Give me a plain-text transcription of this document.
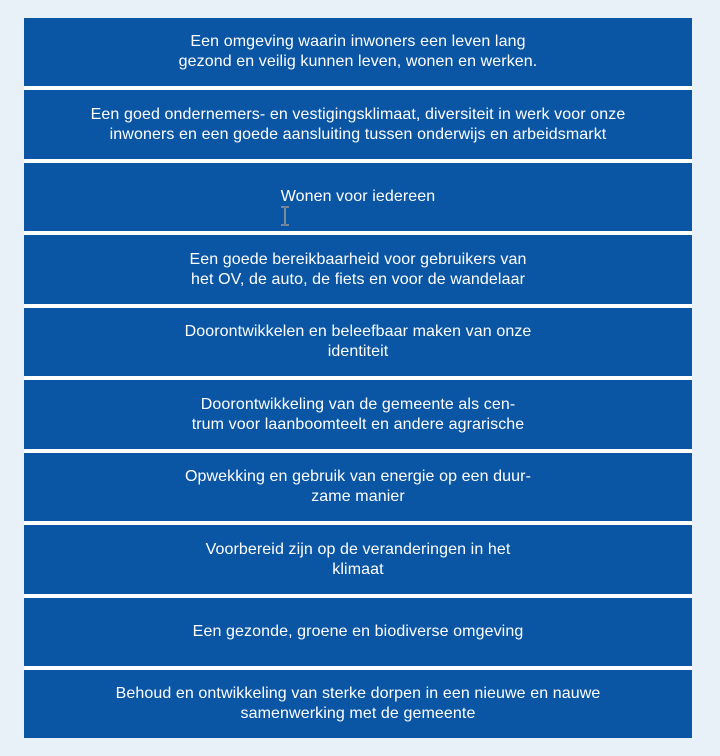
Een omgeving waarin inwoners een leven lang
gezond en veilig kunnen leven, wonen en werken.
Een goed ondernemers- en vestigingsklimaat, diversiteit in werk voor onze
inwoners en een goede aansluiting tussen onderwijs en arbeidsmarkt
Wonen voor iedereen
Een goede bereikbaarheid voor gebruikers van
het OV, de auto, de fiets en voor de wandelaar
Doorontwikkelen en beleefbaar maken van onze
identiteit
Doorontwikkeling van de gemeente als cen-
trum voor laanboomteelt en andere agrarische
Opwekking en gebruik van energie op een duur-
zame manier
Voorbereid zijn op de veranderingen in het
klimaat
Een gezonde, groene en biodiverse omgeving
Behoud en ontwikkeling van sterke dorpen in een nieuwe en nauwe
samenwerking met de gemeente
